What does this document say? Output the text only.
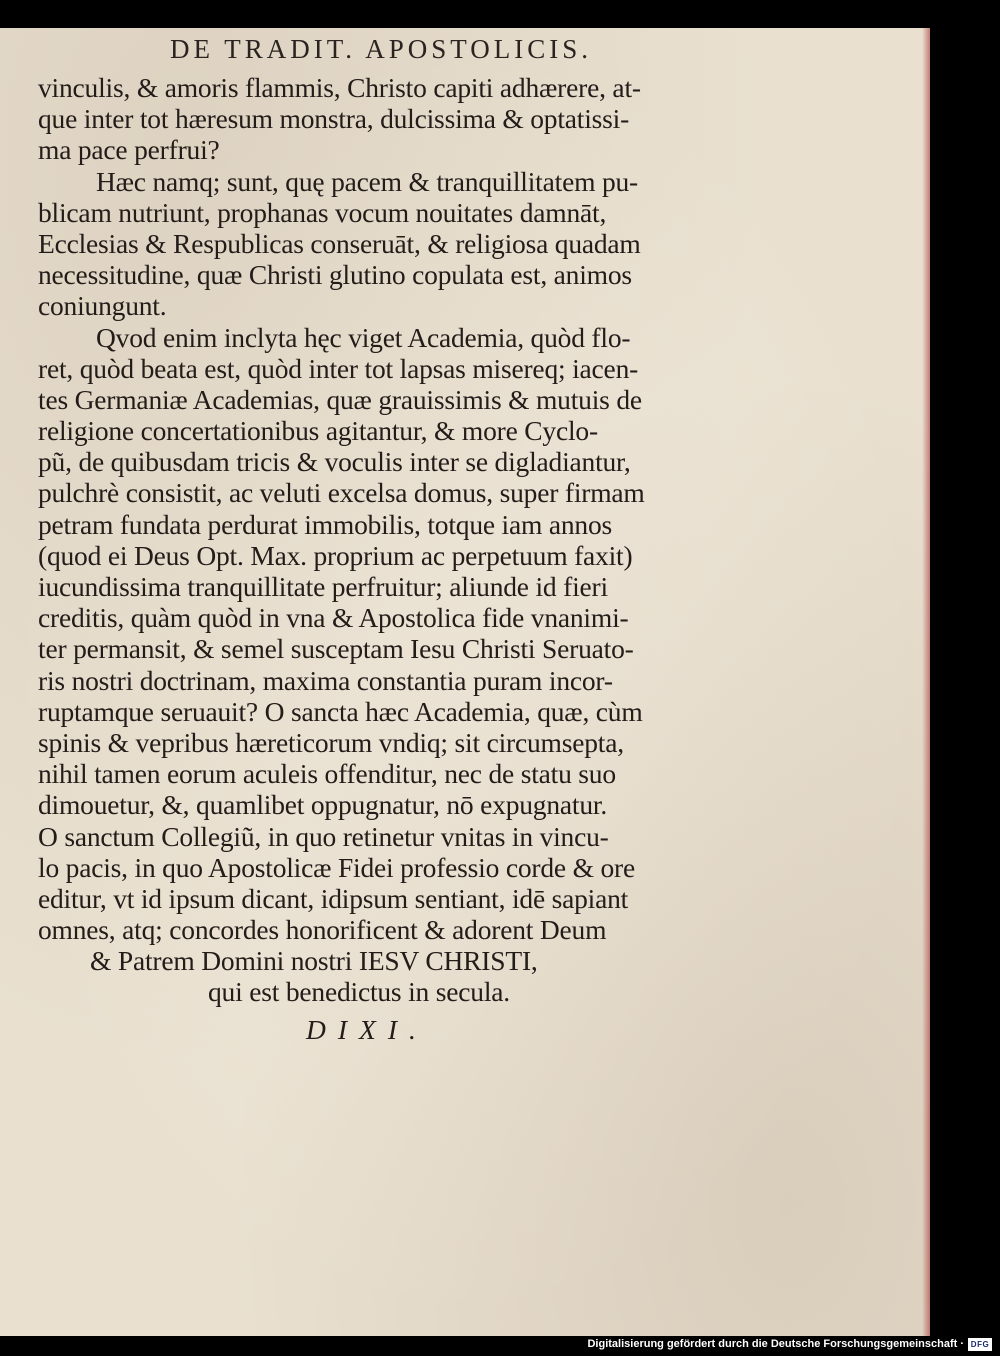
DE TRADIT. APOSTOLICIS.
vinculis, & amoris flammis, Christo capiti adhærere, at-
que inter tot hæresum monstra, dulcissima & optatissi-
ma pace perfrui?
Hæc namq; sunt, quę pacem & tranquillitatem pu-
blicam nutriunt, prophanas vocum nouitates damnāt,
Ecclesias & Respublicas conseruāt, & religiosa quadam
necessitudine, quæ Christi glutino copulata est, animos
coniungunt.
Qvod enim inclyta hęc viget Academia, quòd flo-
ret, quòd beata est, quòd inter tot lapsas misereq; iacen-
tes Germaniæ Academias, quæ grauissimis & mutuis de
religione concertationibus agitantur, & more Cyclo-
pũ, de quibusdam tricis & voculis inter se digladiantur,
pulchrè consistit, ac veluti excelsa domus, super firmam
petram fundata perdurat immobilis, totque iam annos
(quod ei Deus Opt. Max. proprium ac perpetuum faxit)
iucundissima tranquillitate perfruitur; aliunde id fieri
creditis, quàm quòd in vna & Apostolica fide vnanimi-
ter permansit, & semel susceptam Iesu Christi Seruato-
ris nostri doctrinam, maxima constantia puram incor-
ruptamque seruauit? O sancta hæc Academia, quæ, cùm
spinis & vepribus hæreticorum vndiq; sit circumsepta,
nihil tamen eorum aculeis offenditur, nec de statu suo
dimouetur, &, quamlibet oppugnatur, nō expugnatur.
O sanctum Collegiũ, in quo retinetur vnitas in vincu-
lo pacis, in quo Apostolicæ Fidei professio corde & ore
editur, vt id ipsum dicant, idipsum sentiant, idē sapiant
omnes, atq; concordes honorificent & adorent Deum
& Patrem Domini nostri IESV CHRISTI,
qui est benedictus in secula.
DIXI.
Digitalisierung gefördert durch die Deutsche Forschungsgemeinschaft · DFG
